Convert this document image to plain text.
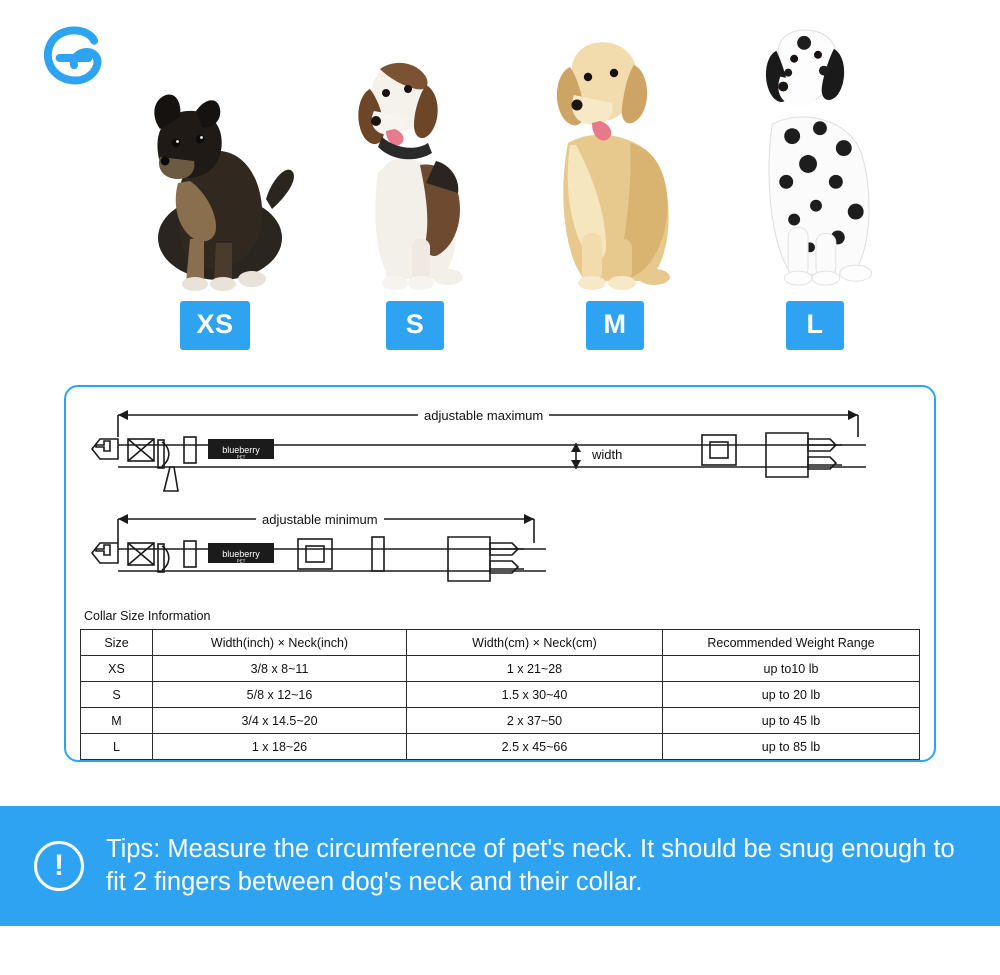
XS	S	M	L
blueberry
PET
blueberry
PET
adjustable maximum
adjustable minimum
width
Collar Size Information
Size	Width(inch) × Neck(inch)	Width(cm) × Neck(cm)	Recommended Weight Range
XS	3/8 x 8~11	1 x 21~28	up to10 lb
S	5/8 x 12~16	1.5 x 30~40	up to 20 lb
M	3/4 x 14.5~20	2 x 37~50	up to 45 lb
L	1 x 18~26	2.5 x 45~66	up to 85 lb
!	Tips: Measure the circumference of pet's neck. It should be snug enough to fit 2 fingers between dog's neck and their collar.
